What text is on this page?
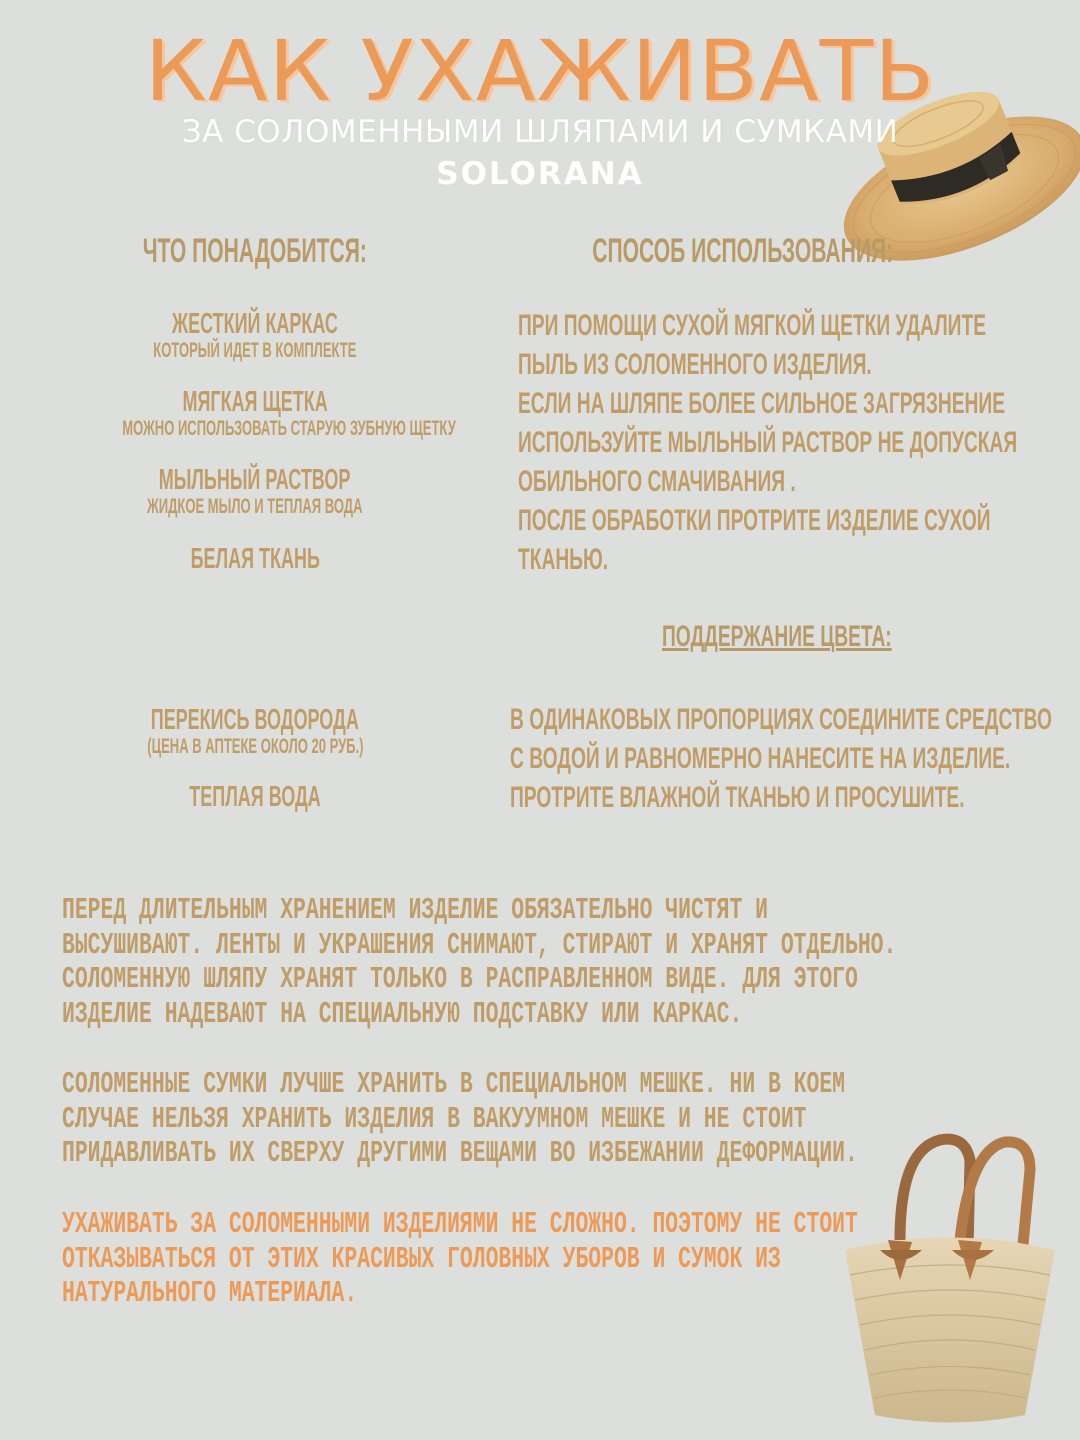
КАК УХАЖИВАТЬ
ЗА СОЛОМЕННЫМИ ШЛЯПАМИ И СУМКАМИ
SOLORANA
ЧТО ПОНАДОБИТСЯ:
ЖЕСТКИЙ КАРКАС
КОТОРЫЙ ИДЕТ В КОМПЛЕКТЕ
МЯГКАЯ ЩЕТКА
МОЖНО ИСПОЛЬЗОВАТЬ СТАРУЮ ЗУБНУЮ ЩЕТКУ
МЫЛЬНЫЙ РАСТВОР
ЖИДКОЕ МЫЛО И ТЕПЛАЯ ВОДА
БЕЛАЯ ТКАНЬ
СПОСОБ ИСПОЛЬЗОВАНИЯ:
ПРИ ПОМОЩИ СУХОЙ МЯГКОЙ ЩЕТКИ УДАЛИТЕ
ПЫЛЬ ИЗ СОЛОМЕННОГО ИЗДЕЛИЯ.
ЕСЛИ НА ШЛЯПЕ БОЛЕЕ СИЛЬНОЕ ЗАГРЯЗНЕНИЕ
ИСПОЛЬЗУЙТЕ МЫЛЬНЫЙ РАСТВОР НЕ ДОПУСКАЯ
ОБИЛЬНОГО СМАЧИВАНИЯ .
ПОСЛЕ ОБРАБОТКИ ПРОТРИТЕ ИЗДЕЛИЕ СУХОЙ
ТКАНЬЮ.
ПОДДЕРЖАНИЕ ЦВЕТА:
ПЕРЕКИСЬ ВОДОРОДА
(ЦЕНА В АПТЕКЕ ОКОЛО 20 РУБ.)
ТЕПЛАЯ ВОДА
В ОДИНАКОВЫХ ПРОПОРЦИЯХ СОЕДИНИТЕ СРЕДСТВО
С ВОДОЙ И РАВНОМЕРНО НАНЕСИТЕ НА ИЗДЕЛИЕ.
ПРОТРИТЕ ВЛАЖНОЙ ТКАНЬЮ И ПРОСУШИТЕ.
ПЕРЕД ДЛИТЕЛЬНЫМ ХРАНЕНИЕМ ИЗДЕЛИЕ ОБЯЗАТЕЛЬНО ЧИСТЯТ И
ВЫСУШИВАЮТ. ЛЕНТЫ И УКРАШЕНИЯ СНИМАЮТ, СТИРАЮТ И ХРАНЯТ ОТДЕЛЬНО.
СОЛОМЕННУЮ ШЛЯПУ ХРАНЯТ ТОЛЬКО В РАСПРАВЛЕННОМ ВИДЕ. ДЛЯ ЭТОГО
ИЗДЕЛИЕ НАДЕВАЮТ НА СПЕЦИАЛЬНУЮ ПОДСТАВКУ ИЛИ КАРКАС.
СОЛОМЕННЫЕ СУМКИ ЛУЧШЕ ХРАНИТЬ В СПЕЦИАЛЬНОМ МЕШКЕ. НИ В КОЕМ
СЛУЧАЕ НЕЛЬЗЯ ХРАНИТЬ ИЗДЕЛИЯ В ВАКУУМНОМ МЕШКЕ И НЕ СТОИТ
ПРИДАВЛИВАТЬ ИХ СВЕРХУ ДРУГИМИ ВЕЩАМИ ВО ИЗБЕЖАНИИ ДЕФОРМАЦИИ.
УХАЖИВАТЬ ЗА СОЛОМЕННЫМИ ИЗДЕЛИЯМИ НЕ СЛОЖНО. ПОЭТОМУ НЕ СТОИТ
ОТКАЗЫВАТЬСЯ ОТ ЭТИХ КРАСИВЫХ ГОЛОВНЫХ УБОРОВ И СУМОК ИЗ
НАТУРАЛЬНОГО МАТЕРИАЛА.
